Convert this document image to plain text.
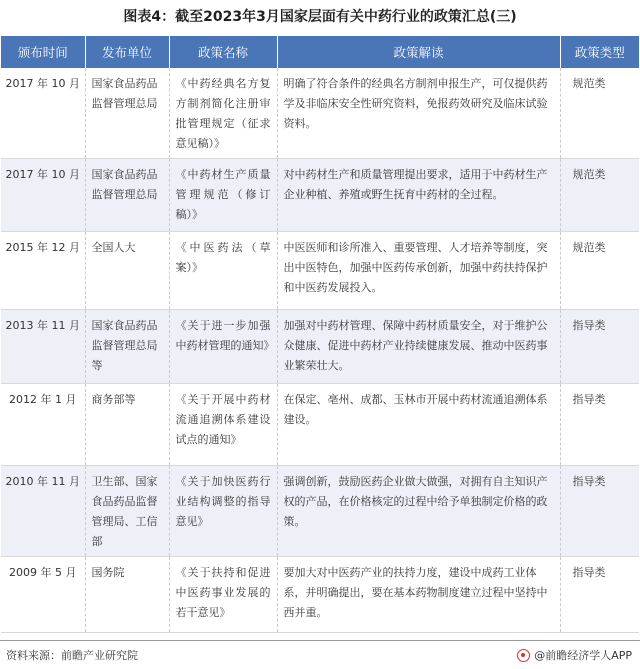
图表4：截至2023年3月国家层面有关中药行业的政策汇总(三)
颁布时间	发布单位	政策名称	政策解读	政策类型
2017 年 10 月	国家食品药品监督管理总局	《中药经典名方复方制剂简化注册审批管理规定（征求意见稿）》	明确了符合条件的经典名方制剂申报生产，可仅提供药学及非临床安全性研究资料，免报药效研究及临床试验资料。	规范类
2017 年 10 月	国家食品药品监督管理总局	《中药材生产质量管理规范（修订稿）》	对中药材生产和质量管理提出要求，适用于中药材生产企业种植、养殖或野生抚育中药材的全过程。	规范类
2015 年 12 月	全国人大	《中医药法（草案）》	中医医师和诊所准入、重要管理、人才培养等制度，突出中医特色，加强中医药传承创新，加强中药扶持保护和中医药发展投入。	规范类
2013 年 11 月	国家食品药品监督管理总局等	《关于进一步加强中药材管理的通知》	加强对中药材管理、保障中药材质量安全，对于维护公众健康、促进中药材产业持续健康发展、推动中医药事业繁荣壮大。	指导类
2012 年 1 月	商务部等	《关于开展中药材流通追溯体系建设试点的通知》	在保定、亳州、成都、玉林市开展中药材流通追溯体系建设。	指导类
2010 年 11 月	卫生部、国家食品药品监督管理局、工信部	《关于加快医药行业结构调整的指导意见》	强调创新，鼓励医药企业做大做强，对拥有自主知识产权的产品，在价格核定的过程中给予单独制定价格的政策。	指导类
2009 年 5 月	国务院	《关于扶持和促进中医药事业发展的若干意见》	要加大对中医药产业的扶持力度，建设中成药工业体系，并明确提出，要在基本药物制度建立过程中坚持中西并重。	指导类
资料来源：前瞻产业研究院	@前瞻经济学人APP
